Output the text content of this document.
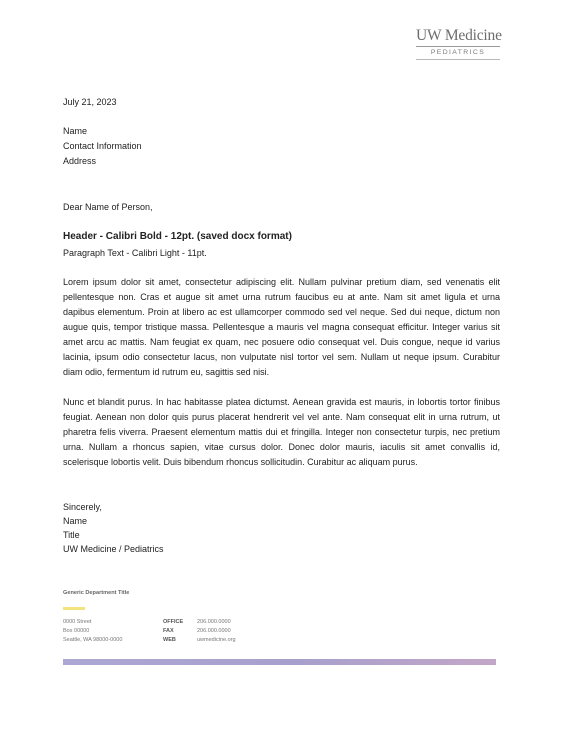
UW Medicine
PEDIATRICS
July 21, 2023
Name
Contact Information
Address
Dear Name of Person,
Header - Calibri Bold - 12pt. (saved docx format)
Paragraph Text - Calibri Light - 11pt.
Lorem ipsum dolor sit amet, consectetur adipiscing elit. Nullam pulvinar pretium diam, sed venenatis elit pellentesque non. Cras et augue sit amet urna rutrum faucibus eu at ante. Nam sit amet ligula et urna dapibus elementum. Proin at libero ac est ullamcorper commodo sed vel neque. Sed dui neque, dictum non augue quis, tempor tristique massa. Pellentesque a mauris vel magna consequat efficitur. Integer varius sit amet arcu ac mattis. Nam feugiat ex quam, nec posuere odio consequat vel. Duis congue, neque id varius lacinia, ipsum odio consectetur lacus, non vulputate nisl tortor vel sem. Nullam ut neque ipsum. Curabitur diam odio, fermentum id rutrum eu, sagittis sed nisi.
Nunc et blandit purus. In hac habitasse platea dictumst. Aenean gravida est mauris, in lobortis tortor finibus feugiat. Aenean non dolor quis purus placerat hendrerit vel vel ante. Nam consequat elit in urna rutrum, ut pharetra felis viverra. Praesent elementum mattis dui et fringilla. Integer non consectetur turpis, nec pretium urna. Nullam a rhoncus sapien, vitae cursus dolor. Donec dolor mauris, iaculis sit amet convallis id, scelerisque lobortis velit. Duis bibendum rhoncus sollicitudin. Curabitur ac aliquam purus.
Sincerely,
Name
Title
UW Medicine / Pediatrics
Generic Department Title
0000 Street
Box 00000
Seattle, WA 98000-0000
OFFICE
FAX
WEB
206.000.0000
206.000.0000
uwmedicine.org
